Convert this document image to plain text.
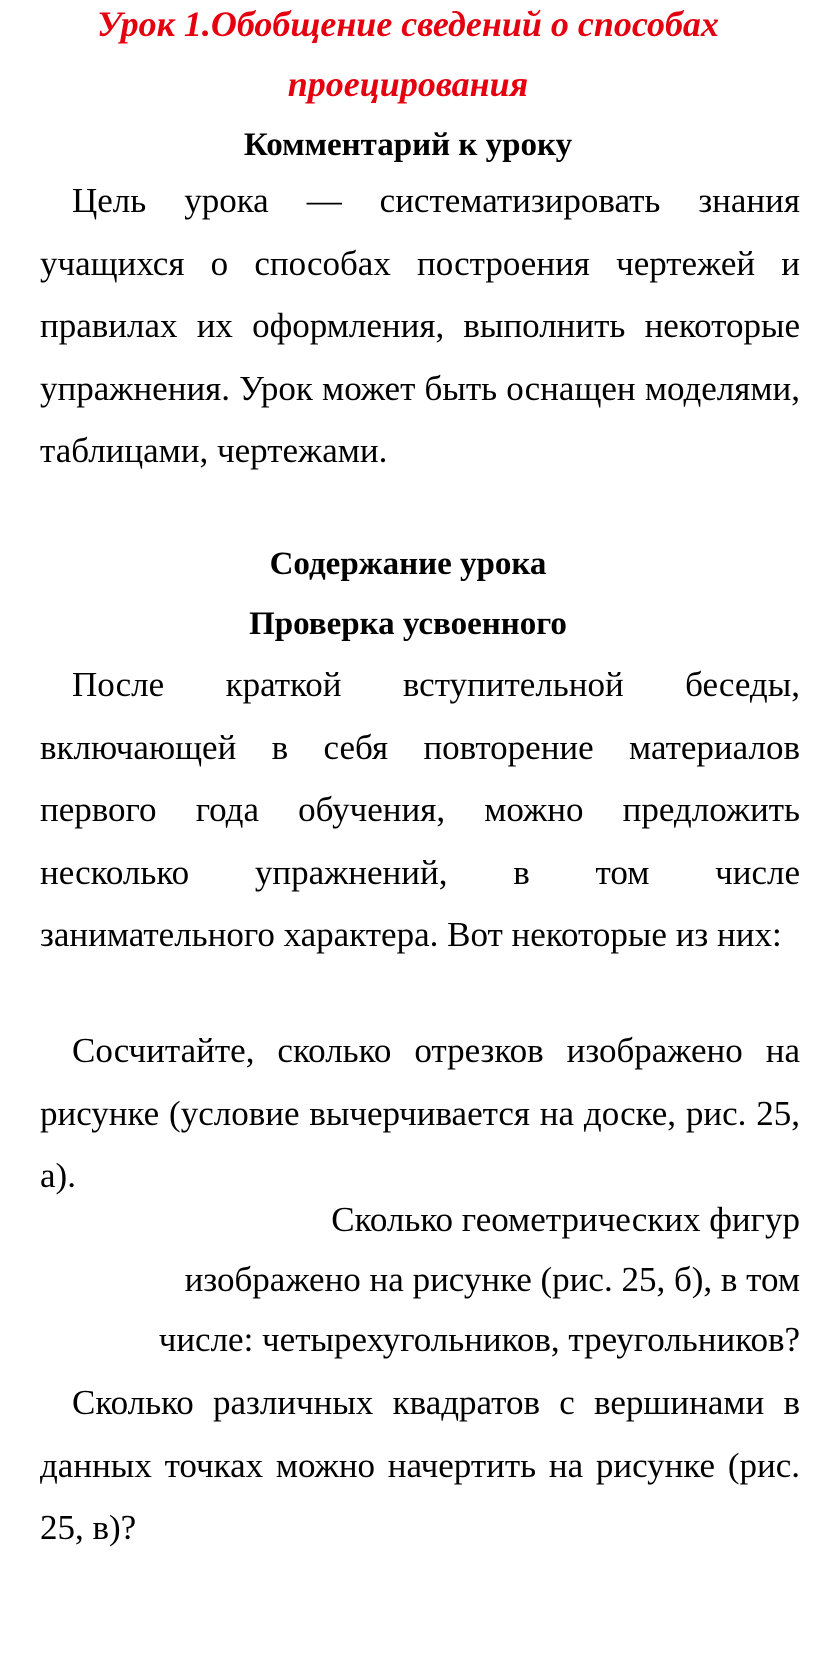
Урок 1.Обобщение сведений о способах
проецирования
Комментарий к уроку
Цель урока — систематизировать знания учащихся о способах построения чертежей и правилах их оформления, выполнить некоторые упражнения. Урок может быть оснащен моделями, таблицами, чертежами.
Содержание урока
Проверка усвоенного
После краткой вступительной беседы, включающей в себя повторение материалов первого года обучения, можно предложить несколько упражнений, в том числе занимательного характера. Вот некоторые из них:
Сосчитайте, сколько отрезков изображено на рисунке (условие вычерчивается на доске, рис. 25, а).
Сколько геометрических фигур
изображено на рисунке (рис. 25, б), в том
числе: четырехугольников, треугольников?
Сколько различных квадратов с вершинами в данных точках можно начертить на рисунке (рис. 25, в)?
